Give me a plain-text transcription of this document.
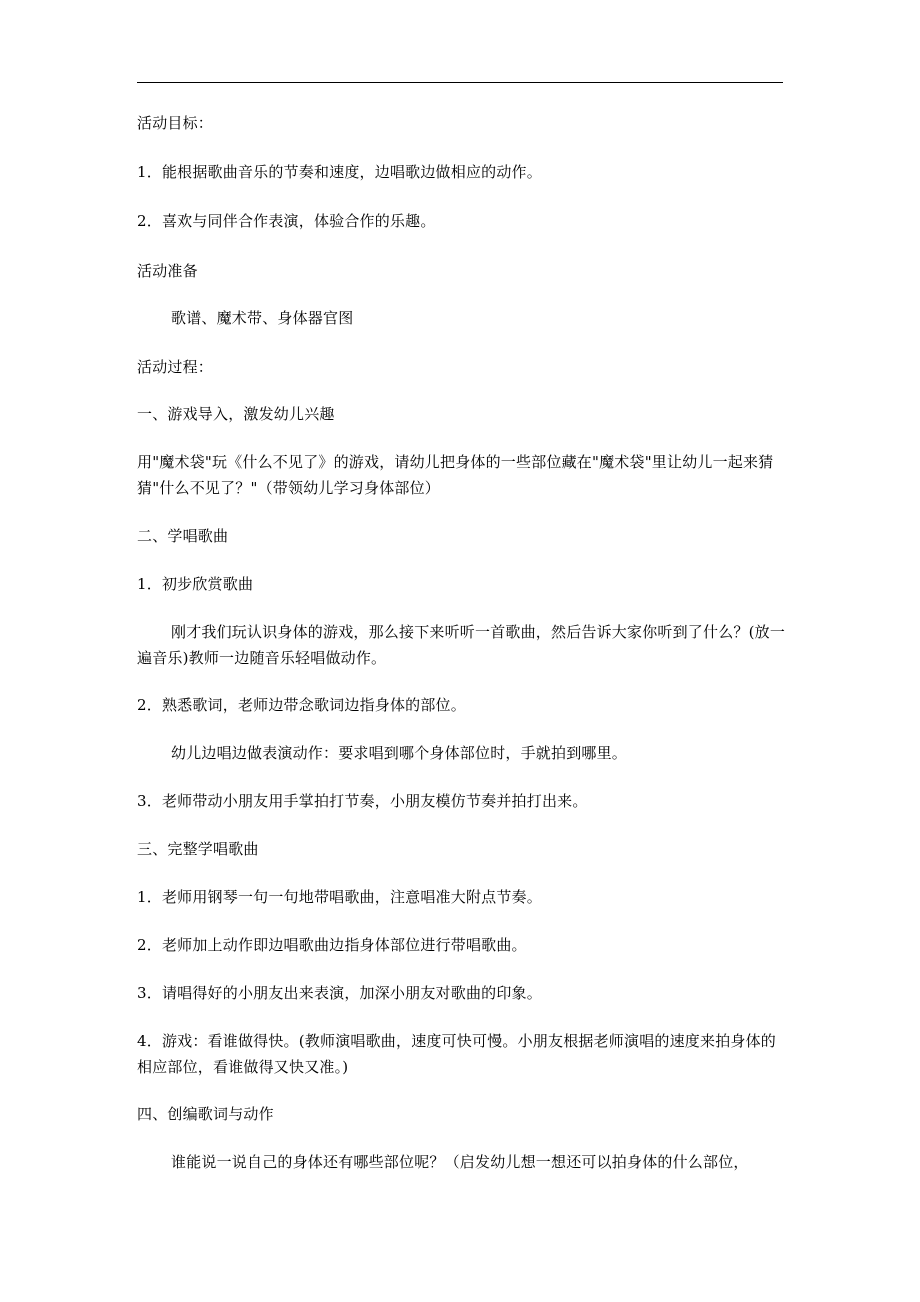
活动目标：

1．能根据歌曲音乐的节奏和速度，边唱歌边做相应的动作。

2．喜欢与同伴合作表演，体验合作的乐趣。

活动准备

歌谱、魔术带、身体器官图

活动过程：

一、游戏导入，激发幼儿兴趣

用"魔术袋"玩《什么不见了》的游戏，请幼儿把身体的一些部位藏在"魔术袋"里让幼儿一起来猜猜"什么不见了？"（带领幼儿学习身体部位）

二、学唱歌曲

1．初步欣赏歌曲

刚才我们玩认识身体的游戏，那么接下来听听一首歌曲，然后告诉大家你听到了什么？(放一遍音乐)教师一边随音乐轻唱做动作。

2．熟悉歌词，老师边带念歌词边指身体的部位。

幼儿边唱边做表演动作：要求唱到哪个身体部位时，手就拍到哪里。

3．老师带动小朋友用手掌拍打节奏，小朋友模仿节奏并拍打出来。

三、完整学唱歌曲

1．老师用钢琴一句一句地带唱歌曲，注意唱准大附点节奏。

2．老师加上动作即边唱歌曲边指身体部位进行带唱歌曲。

3．请唱得好的小朋友出来表演，加深小朋友对歌曲的印象。

4．游戏：看谁做得快。(教师演唱歌曲，速度可快可慢。小朋友根据老师演唱的速度来拍身体的相应部位，看谁做得又快又准。)

四、创编歌词与动作

谁能说一说自己的身体还有哪些部位呢？（启发幼儿想一想还可以拍身体的什么部位，
